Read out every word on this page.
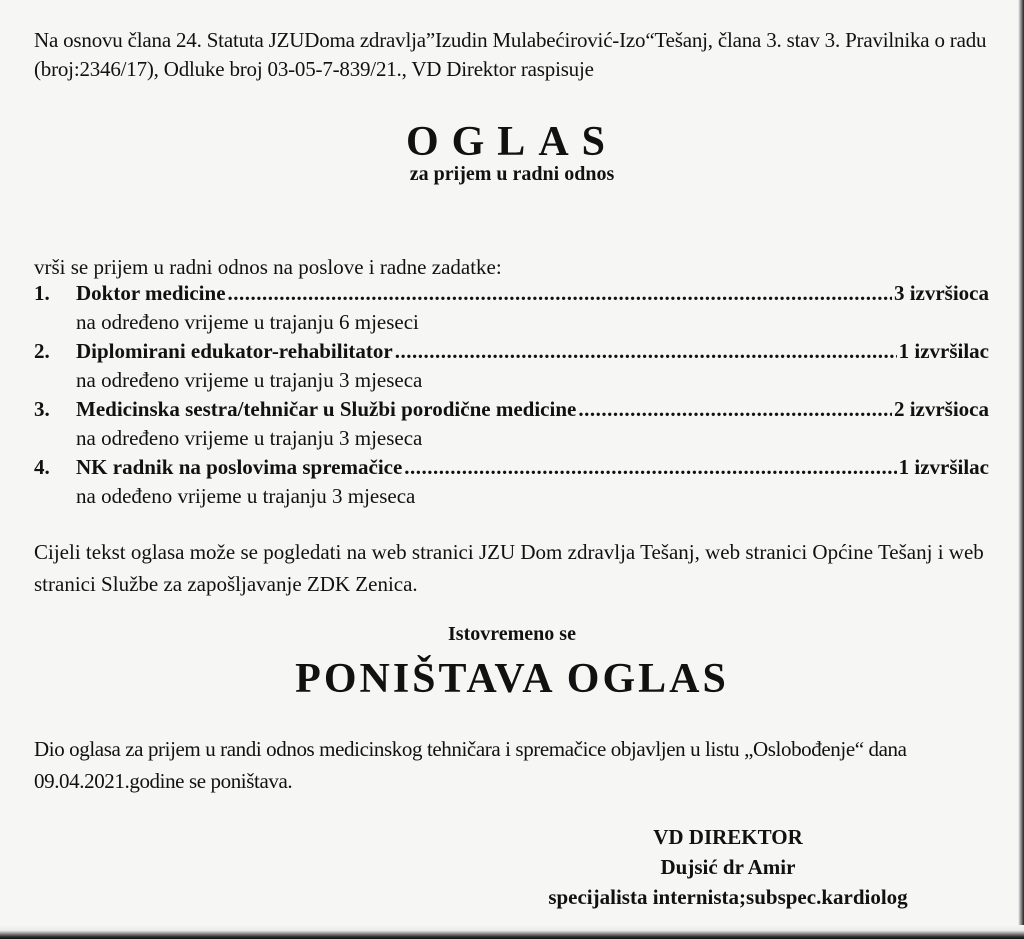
Na osnovu člana 24. Statuta JZUDoma zdravlja”Izudin Mulabećirović-Izo“Tešanj, člana 3. stav 3. Pravilnika o radu (broj:2346/17), Odluke broj 03-05-7-839/21., VD Direktor raspisuje
OGLAS
za prijem u radni odnos
vrši se prijem u radni odnos na poslove i radne zadatke:
1.	Doktor medicine .....	3 izvršioca
na određeno vrijeme u trajanju 6 mjeseci
2.	Diplomirani edukator-rehabilitator .....	1 izvršilac
na određeno vrijeme u trajanju 3 mjeseca
3.	Medicinska sestra/tehničar u Službi porodične medicine .....	2 izvršioca
na određeno vrijeme u trajanju 3 mjeseca
4.	NK radnik na poslovima spremačice .....	1 izvršilac
na odeđeno vrijeme u trajanju 3 mjeseca
Cijeli tekst oglasa može se pogledati na web stranici JZU Dom zdravlja Tešanj, web stranici Općine Tešanj i web stranici Službe za zapošljavanje ZDK Zenica.
Istovremeno se
PONIŠTAVA OGLAS
Dio oglasa za prijem u randi odnos medicinskog tehničara i spremačice objavljen u listu „Oslobođenje“ dana 09.04.2021.godine se poništava.
VD DIREKTOR
Dujsić dr Amir
specijalista internista;subspec.kardiolog
